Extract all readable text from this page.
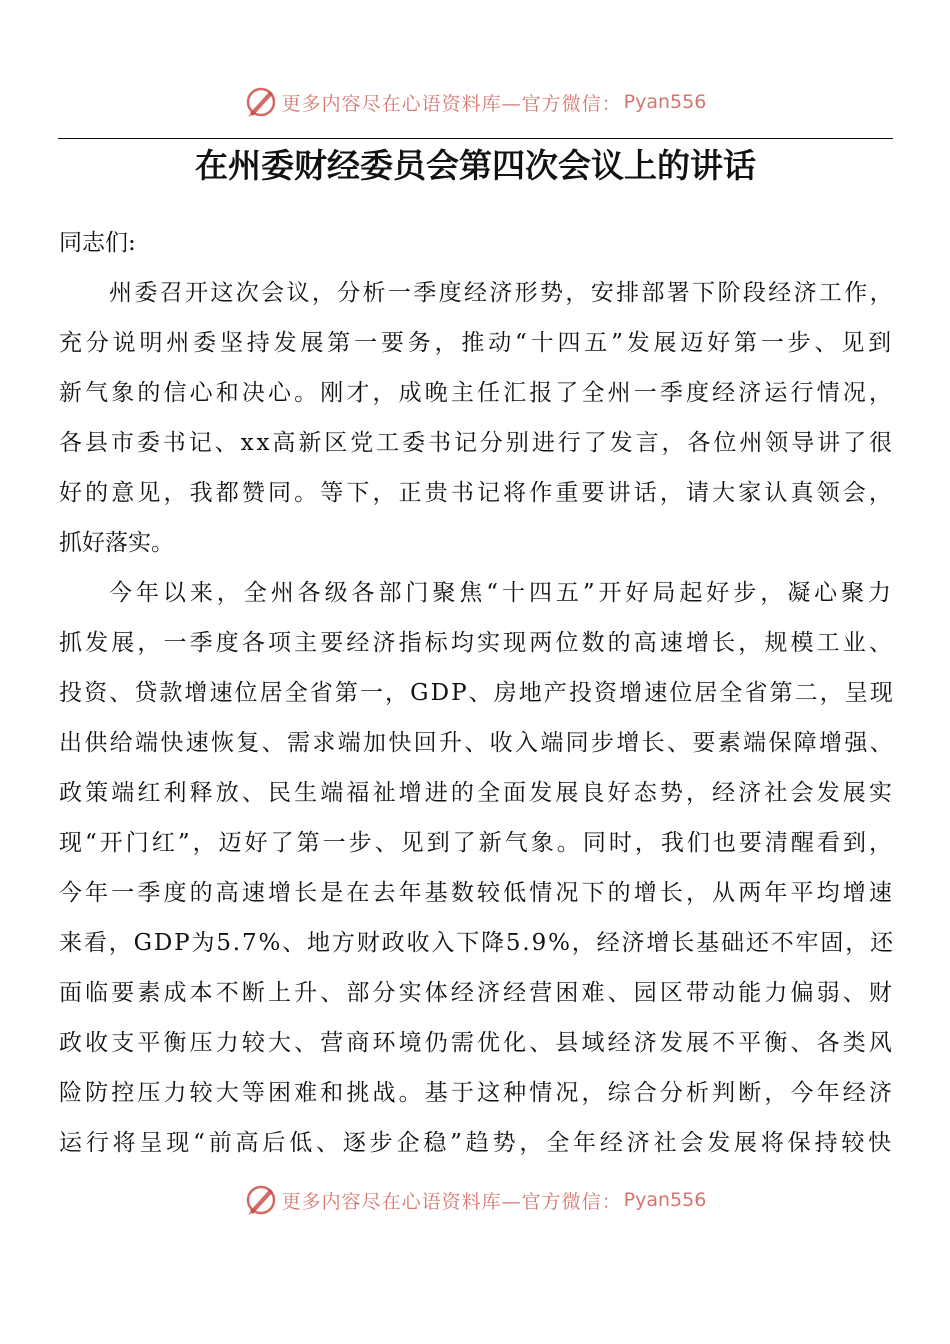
更多内容尽在心语资料库—官方微信： Pyan556
在州委财经委员会第四次会议上的讲话
同志们:
州委召开这次会议，分析一季度经济形势，安排部署下阶段经济工作，
充分说明州委坚持发展第一要务，推动“十四五”发展迈好第一步、见到
新气象的信心和决心。刚才，成晚主任汇报了全州一季度经济运行情况，
各县市委书记、xx高新区党工委书记分别进行了发言，各位州领导讲了很
好的意见，我都赞同。等下，正贵书记将作重要讲话，请大家认真领会，
抓好落实。
今年以来，全州各级各部门聚焦“十四五”开好局起好步，凝心聚力
抓发展，一季度各项主要经济指标均实现两位数的高速增长，规模工业、
投资、贷款增速位居全省第一，GDP、房地产投资增速位居全省第二，呈现
出供给端快速恢复、需求端加快回升、收入端同步增长、要素端保障增强、
政策端红利释放、民生端福祉增进的全面发展良好态势，经济社会发展实
现“开门红”，迈好了第一步、见到了新气象。同时，我们也要清醒看到，
今年一季度的高速增长是在去年基数较低情况下的增长，从两年平均增速
来看，GDP为5.7%、地方财政收入下降5.9%，经济增长基础还不牢固，还
面临要素成本不断上升、部分实体经济经营困难、园区带动能力偏弱、财
政收支平衡压力较大、营商环境仍需优化、县域经济发展不平衡、各类风
险防控压力较大等困难和挑战。基于这种情况，综合分析判断，今年经济
运行将呈现“前高后低、逐步企稳”趋势，全年经济社会发展将保持较快
更多内容尽在心语资料库—官方微信： Pyan556
